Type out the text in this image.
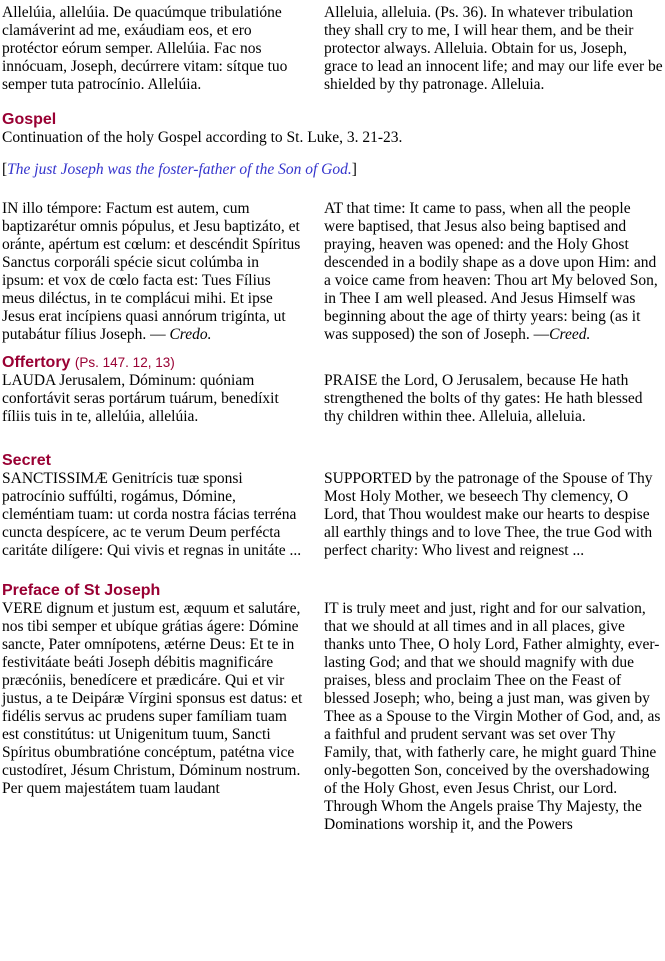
Allelúia, allelúia. De quacúmque tribulatióne clamáverint ad me, exáudiam eos, et ero protéctor eórum semper. Allelúia. Fac nos innócuam, Joseph, decúrrere vitam: sítque tuo semper tuta patrocínio. Allelúia.

Alleluia, alleluia. (Ps. 36). In whatever tribulation they shall cry to me, I will hear them, and be their protector always. Alleluia. Obtain for us, Joseph, grace to lead an innocent life; and may our life ever be shielded by thy patronage. Alleluia.

Gospel

Continuation of the holy Gospel according to St. Luke, 3. 21-23.

[The just Joseph was the foster-father of the Son of God.]

IN illo témpore: Factum est autem, cum baptizarétur omnis pópulus, et Jesu baptizáto, et oránte, apértum est cœlum: et descéndit Spíritus Sanctus corporáli spécie sicut colúmba in ipsum: et vox de cœlo facta est: Tues Fílius meus diléctus, in te complácui mihi. Et ipse Jesus erat incípiens quasi annórum trigínta, ut putabátur fílius Joseph. — Credo.

AT that time: It came to pass, when all the people were baptised, that Jesus also being baptised and praying, heaven was opened: and the Holy Ghost descended in a bodily shape as a dove upon Him: and a voice came from heaven: Thou art My beloved Son, in Thee I am well pleased. And Jesus Himself was beginning about the age of thirty years: being (as it was supposed) the son of Joseph. —Creed.

Offertory (Ps. 147. 12, 13)

LAUDA Jerusalem, Dóminum: quóniam confortávit seras portárum tuárum, benedíxit fíliis tuis in te, allelúia, allelúia.

PRAISE the Lord, O Jerusalem, because He hath strengthened the bolts of thy gates: He hath blessed thy children within thee. Alleluia, alleluia.

Secret

SANCTISSIMÆ Genitrícis tuæ sponsi patrocínio suffúlti, rogámus, Dómine, cleméntiam tuam: ut corda nostra fácias terréna cuncta despícere, ac te verum Deum perfécta caritáte dilígere: Qui vivis et regnas in unitáte ...

SUPPORTED by the patronage of the Spouse of Thy Most Holy Mother, we beseech Thy clemency, O Lord, that Thou wouldest make our hearts to despise all earthly things and to love Thee, the true God with perfect charity: Who livest and reignest ...

Preface of St Joseph

VERE dignum et justum est, æquum et salutáre, nos tibi semper et ubíque grátias ágere: Dómine sancte, Pater omnípotens, ætérne Deus: Et te in festivitáate beáti Joseph débitis magnificáre præcóniis, benedícere et prædicáre. Qui et vir justus, a te Deipáræ Vírgini sponsus est datus: et fidélis servus ac prudens super famíliam tuam est constitútus: ut Unigenitum tuum, Sancti Spíritus obumbratióne concéptum, patétna vice
custodíret, Jésum Christum, Dóminum nostrum. Per quem majestátem tuam laudant

IT is truly meet and just, right and for our salvation, that we should at all times and in all places, give thanks unto Thee, O holy Lord, Father almighty, ever-lasting God; and that we should magnify with due praises, bless and proclaim Thee on the Feast of blessed Joseph; who, being a just man, was given by Thee as a Spouse to the Virgin Mother of God, and, as a faithful and prudent servant was set over Thy Family, that, with fatherly care, he might guard Thine only-begotten Son, conceived by the overshadowing of the Holy Ghost, even Jesus Christ, our Lord. Through Whom the Angels praise Thy Majesty, the Dominations worship it, and the Powers
